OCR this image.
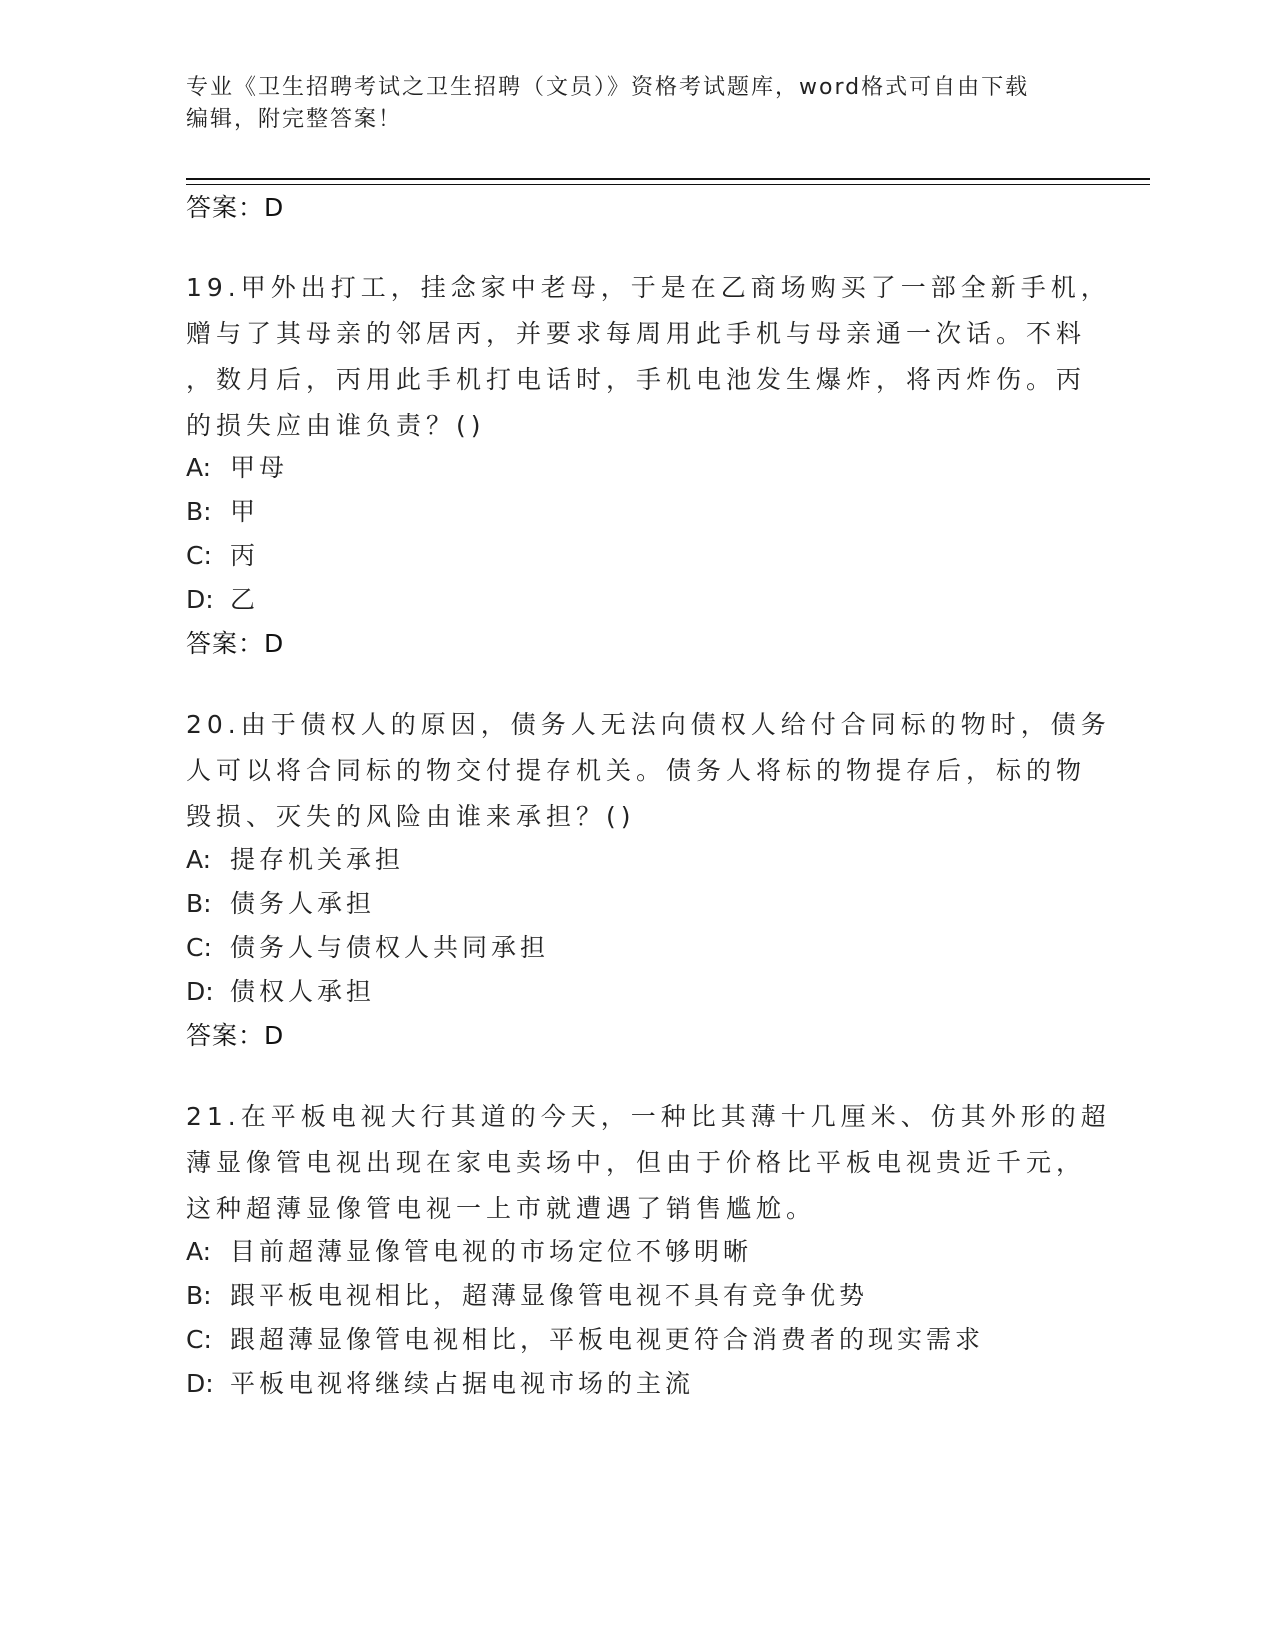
专业《卫生招聘考试之卫生招聘（文员）》资格考试题库，word格式可自由下载
编辑，附完整答案！
答案：D
19.甲外出打工，挂念家中老母，于是在乙商场购买了一部全新手机，
赠与了其母亲的邻居丙，并要求每周用此手机与母亲通一次话。不料
，数月后，丙用此手机打电话时，手机电池发生爆炸，将丙炸伤。丙
的损失应由谁负责？()
A: 甲母
B: 甲
C: 丙
D: 乙
答案：D
20.由于债权人的原因，债务人无法向债权人给付合同标的物时，债务
人可以将合同标的物交付提存机关。债务人将标的物提存后，标的物
毁损、灭失的风险由谁来承担？()
A: 提存机关承担
B: 债务人承担
C: 债务人与债权人共同承担
D: 债权人承担
答案：D
21.在平板电视大行其道的今天，一种比其薄十几厘米、仿其外形的超
薄显像管电视出现在家电卖场中，但由于价格比平板电视贵近千元，
这种超薄显像管电视一上市就遭遇了销售尴尬。
A: 目前超薄显像管电视的市场定位不够明晰
B: 跟平板电视相比，超薄显像管电视不具有竞争优势
C: 跟超薄显像管电视相比，平板电视更符合消费者的现实需求
D: 平板电视将继续占据电视市场的主流
